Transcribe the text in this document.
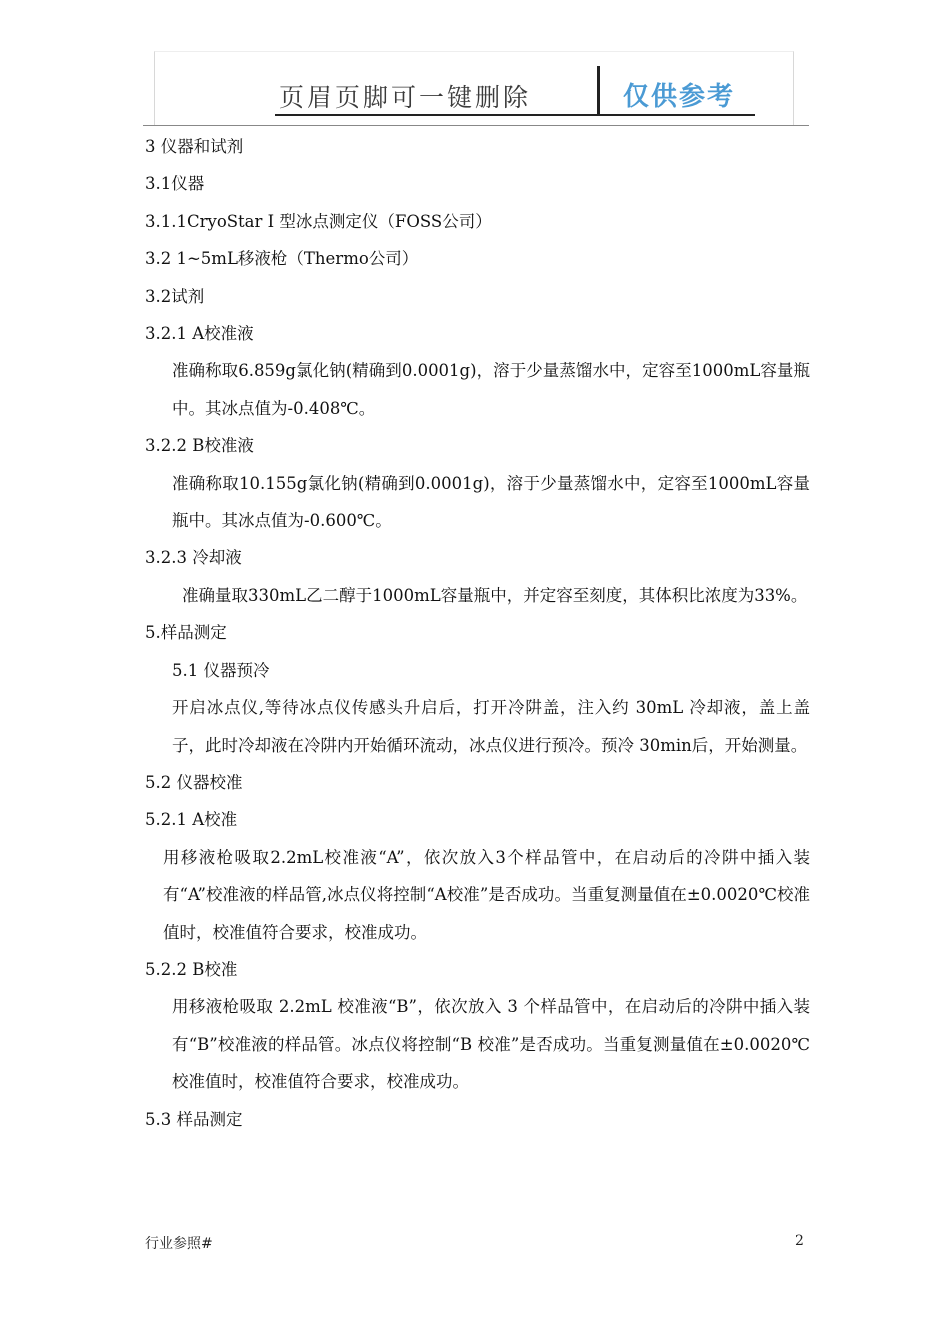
页眉页脚可一键删除	仅供参考

3 仪器和试剂

3.1仪器

3.1.1CryoStar Ⅰ 型冰点测定仪（FOSS公司）

3.2 1~5mL移液枪（Thermo公司）

3.2试剂

3.2.1 A校准液

准确称取6.859g氯化钠(精确到0.0001g)，溶于少量蒸馏水中，定容至1000mL容量瓶中。其冰点值为-0.408℃。

3.2.2 B校准液

准确称取10.155g氯化钠(精确到0.0001g)，溶于少量蒸馏水中，定容至1000mL容量瓶中。其冰点值为-0.600℃。

3.2.3 冷却液

准确量取330mL乙二醇于1000mL容量瓶中，并定容至刻度，其体积比浓度为33%。

5.样品测定

5.1 仪器预冷

开启冰点仪,等待冰点仪传感头升启后，打开冷阱盖，注入约 30mL 冷却液，盖上盖子，此时冷却液在冷阱内开始循环流动，冰点仪进行预冷。预冷 30min后，开始测量。

5.2 仪器校准

5.2.1 A校准

用移液枪吸取2.2mL校准液“A”，依次放入3个样品管中，在启动后的冷阱中插入装有“A”校准液的样品管,冰点仪将控制“A校准”是否成功。当重复测量值在±0.0020℃校准值时，校准值符合要求，校准成功。

5.2.2 B校准

用移液枪吸取 2.2mL 校准液“B”，依次放入 3 个样品管中，在启动后的冷阱中插入装有“B”校准液的样品管。冰点仪将控制“B 校准”是否成功。当重复测量值在±0.0020℃校准值时，校准值符合要求，校准成功。

5.3 样品测定

行业参照#	2
